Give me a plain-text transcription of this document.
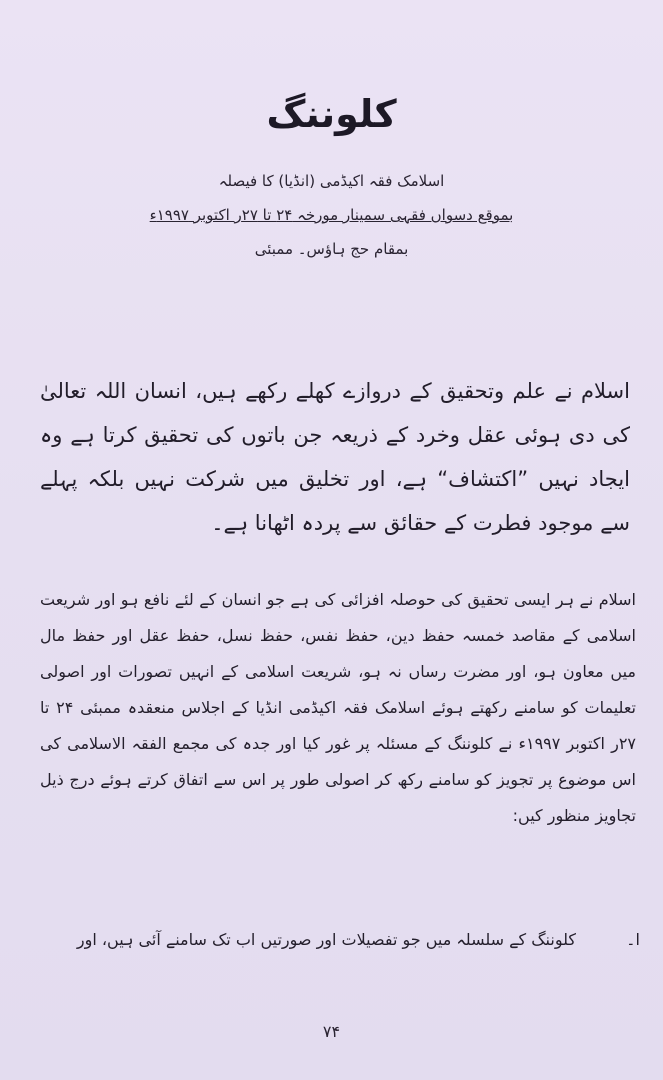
کلوننگ
اسلامک فقہ اکیڈمی (انڈیا) کا فیصلہ
بموقع دسواں فقہی سمینار مورخہ ۲۴ تا ۲۷ر اکتوبر ۱۹۹۷ء
بمقام حج ہاؤس۔ ممبئی

اسلام نے علم وتحقیق کے دروازے کھلے رکھے ہیں، انسان اللہ تعالیٰ کی دی ہوئی عقل وخرد کے ذریعہ جن باتوں کی تحقیق کرتا ہے وہ ایجاد نہیں ”اکتشاف“ ہے، اور تخلیق میں شرکت نہیں بلکہ پہلے سے موجود فطرت کے حقائق سے پردہ اٹھانا ہے۔

اسلام نے ہر ایسی تحقیق کی حوصلہ افزائی کی ہے جو انسان کے لئے نافع ہو اور شریعت اسلامی کے مقاصد خمسہ حفظ دین، حفظ نفس، حفظ نسل، حفظ عقل اور حفظ مال میں معاون ہو، اور مضرت رساں نہ ہو، شریعت اسلامی کے انہیں تصورات اور اصولی تعلیمات کو سامنے رکھتے ہوئے اسلامک فقہ اکیڈمی انڈیا کے اجلاس منعقدہ ممبئی ۲۴ تا ۲۷ر اکتوبر ۱۹۹۷ء نے کلوننگ کے مسئلہ پر غور کیا اور جدہ کی مجمع الفقہ الاسلامی کی اس موضوع پر تجویز کو سامنے رکھ کر اصولی طور پر اس سے اتفاق کرتے ہوئے درج ذیل تجاویز منظور کیں:

ا۔
کلوننگ کے سلسلہ میں جو تفصیلات اور صورتیں اب تک سامنے آئی ہیں، اور
۷۴
